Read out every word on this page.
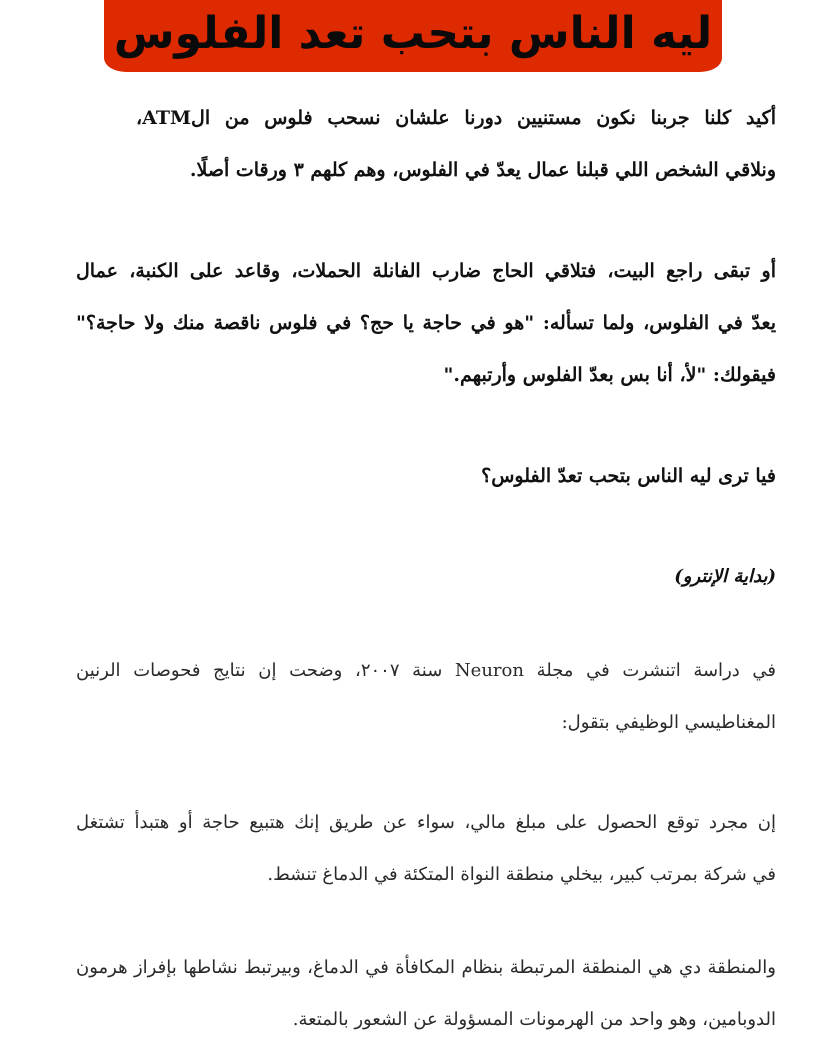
ليه الناس بتحب تعد الفلوس
أكيد كلنا جربنا نكون مستنيين دورنا علشان نسحب فلوس من الATM،
ونلاقي الشخص اللي قبلنا عمال يعدّ في الفلوس، وهم كلهم ٣ ورقات أصلًا.
أو تبقى راجع البيت، فتلاقي الحاج ضارب الفانلة الحملات، وقاعد على الكنبة، عمال
يعدّ في الفلوس، ولما تسأله: "هو في حاجة يا حج؟ في فلوس ناقصة منك ولا حاجة؟"
فيقولك: "لأ، أنا بس بعدّ الفلوس وأرتبهم."
فيا ترى ليه الناس بتحب تعدّ الفلوس؟
(بداية الإنترو)
في دراسة اتنشرت في مجلة Neuron سنة ٢٠٠٧، وضحت إن نتايج فحوصات الرنين
المغناطيسي الوظيفي بتقول:
إن مجرد توقع الحصول على مبلغ مالي، سواء عن طريق إنك هتبيع حاجة أو هتبدأ تشتغل
في شركة بمرتب كبير، بيخلي منطقة النواة المتكئة في الدماغ تنشط.
والمنطقة دي هي المنطقة المرتبطة بنظام المكافأة في الدماغ، وبيرتبط نشاطها بإفراز هرمون
الدوبامين، وهو واحد من الهرمونات المسؤولة عن الشعور بالمتعة.
